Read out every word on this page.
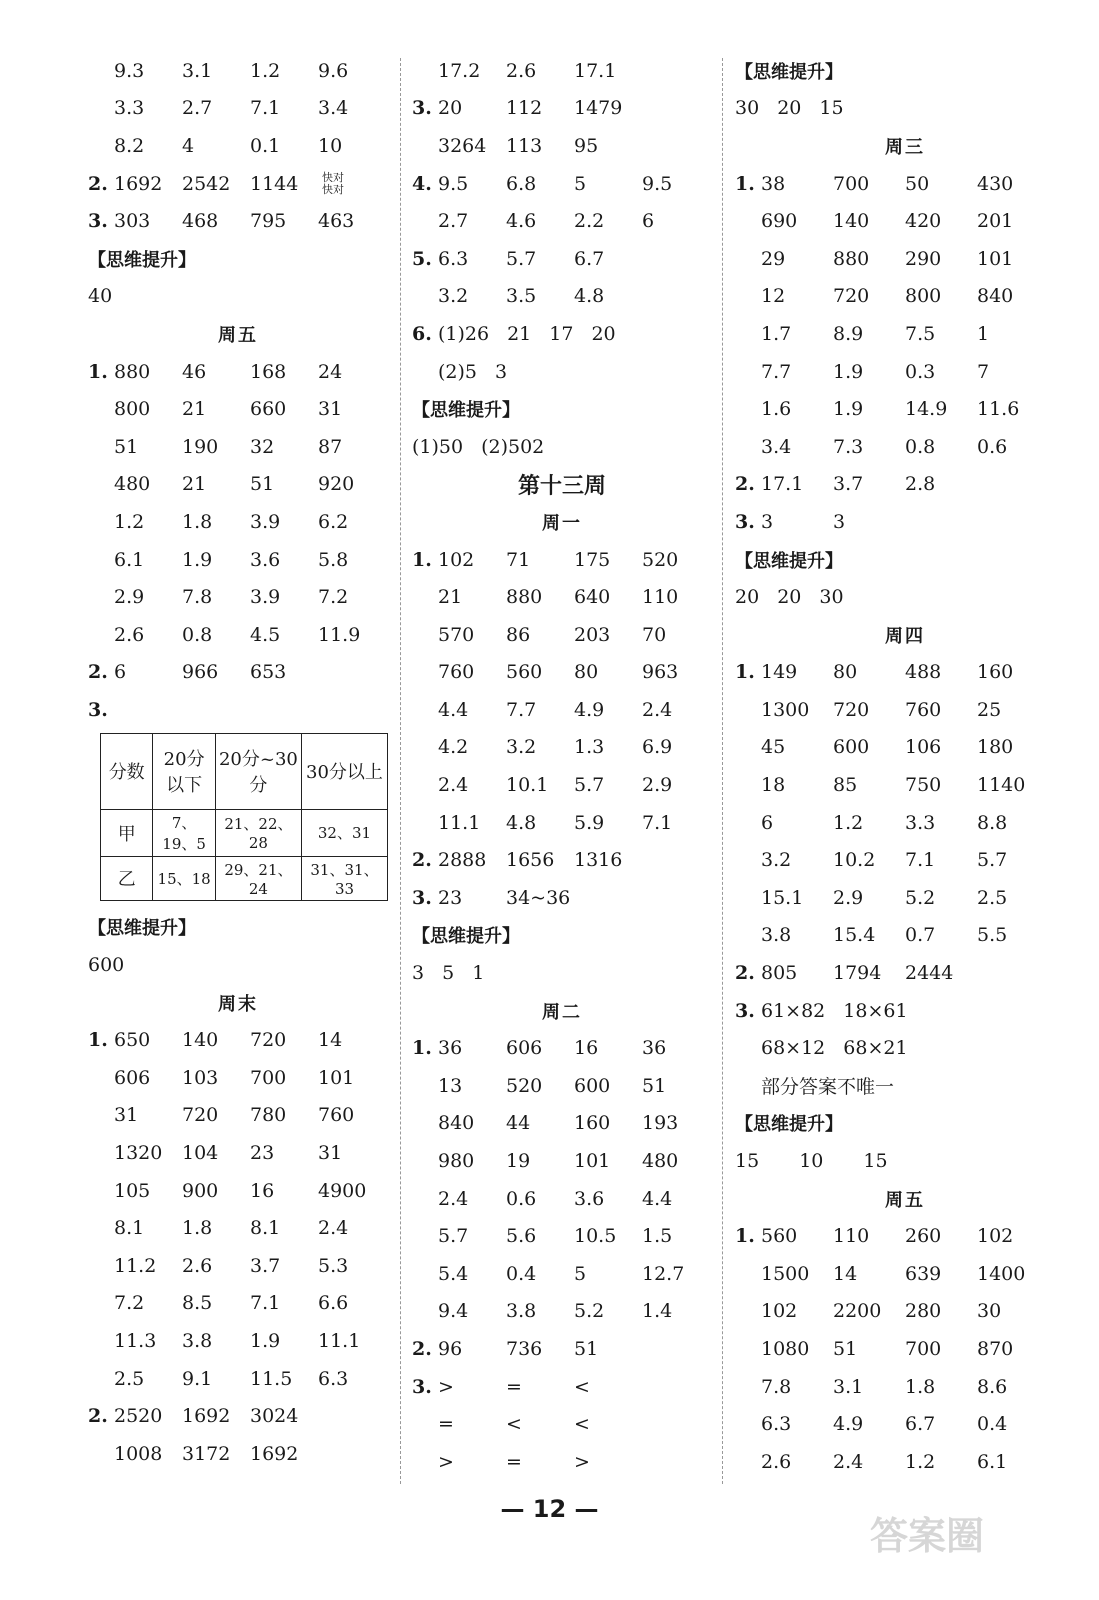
9.3	3.1	1.2	9.6
3.3	2.7	7.1	3.4
8.2	4	0.1	10
2. 1692	2542	1144	快对
快对
3. 303	468	795	463
【思维提升】
40
周五
1. 880	46	168	24
800	21	660	31
51	190	32	87
480	21	51	920
1.2	1.8	3.9	6.2
6.1	1.9	3.6	5.8
2.9	7.8	3.9	7.2
2.6	0.8	4.5	11.9
2. 6	966	653
3.
分数	20分以下	20分~30分	30分以上
甲	7、19、5	21、22、28	32、31
乙	15、18	29、21、24	31、31、33
【思维提升】
600
周末
1. 650	140	720	14
606	103	700	101
31	720	780	760
1320	104	23	31
105	900	16	4900
8.1	1.8	8.1	2.4
11.2	2.6	3.7	5.3
7.2	8.5	7.1	6.6
11.3	3.8	1.9	11.1
2.5	9.1	11.5	6.3
2. 2520	1692	3024
1008	3172	1692
17.2	2.6	17.1
3. 20	112	1479
3264	113	95
4. 9.5	6.8	5	9.5
2.7	4.6	2.2	6
5. 6.3	5.7	6.7
3.2	3.5	4.8
6. (1)26 21 17 20
(2)5 3
【思维提升】
(1)50 (2)502
第十三周
周一
1. 102	71	175	520
21	880	640	110
570	86	203	70
760	560	80	963
4.4	7.7	4.9	2.4
4.2	3.2	1.3	6.9
2.4	10.1	5.7	2.9
11.1	4.8	5.9	7.1
2. 2888	1656	1316
3. 23	34~36
【思维提升】
3 5 1
周二
1. 36	606	16	36
13	520	600	51
840	44	160	193
980	19	101	480
2.4	0.6	3.6	4.4
5.7	5.6	10.5	1.5
5.4	0.4	5	12.7
9.4	3.8	5.2	1.4
2. 96	736	51
3. >	=	<
=	<	<
>	=	>
【思维提升】
30 20 15
周三
1. 38	700	50	430
690	140	420	201
29	880	290	101
12	720	800	840
1.7	8.9	7.5	1
7.7	1.9	0.3	7
1.6	1.9	14.9	11.6
3.4	7.3	0.8	0.6
2. 17.1	3.7	2.8
3. 3	3
【思维提升】
20 20 30
周四
1. 149	80	488	160
1300	720	760	25
45	600	106	180
18	85	750	1140
6	1.2	3.3	8.8
3.2	10.2	7.1	5.7
15.1	2.9	5.2	2.5
3.8	15.4	0.7	5.5
2. 805	1794	2444
3. 61×82 18×61
68×12 68×21
部分答案不唯一
【思维提升】
15 10 15
周五
1. 560	110	260	102
1500	14	639	1400
102	2200	280	30
1080	51	700	870
7.8	3.1	1.8	8.6
6.3	4.9	6.7	0.4
2.6	2.4	1.2	6.1
— 12 —
答案圈
